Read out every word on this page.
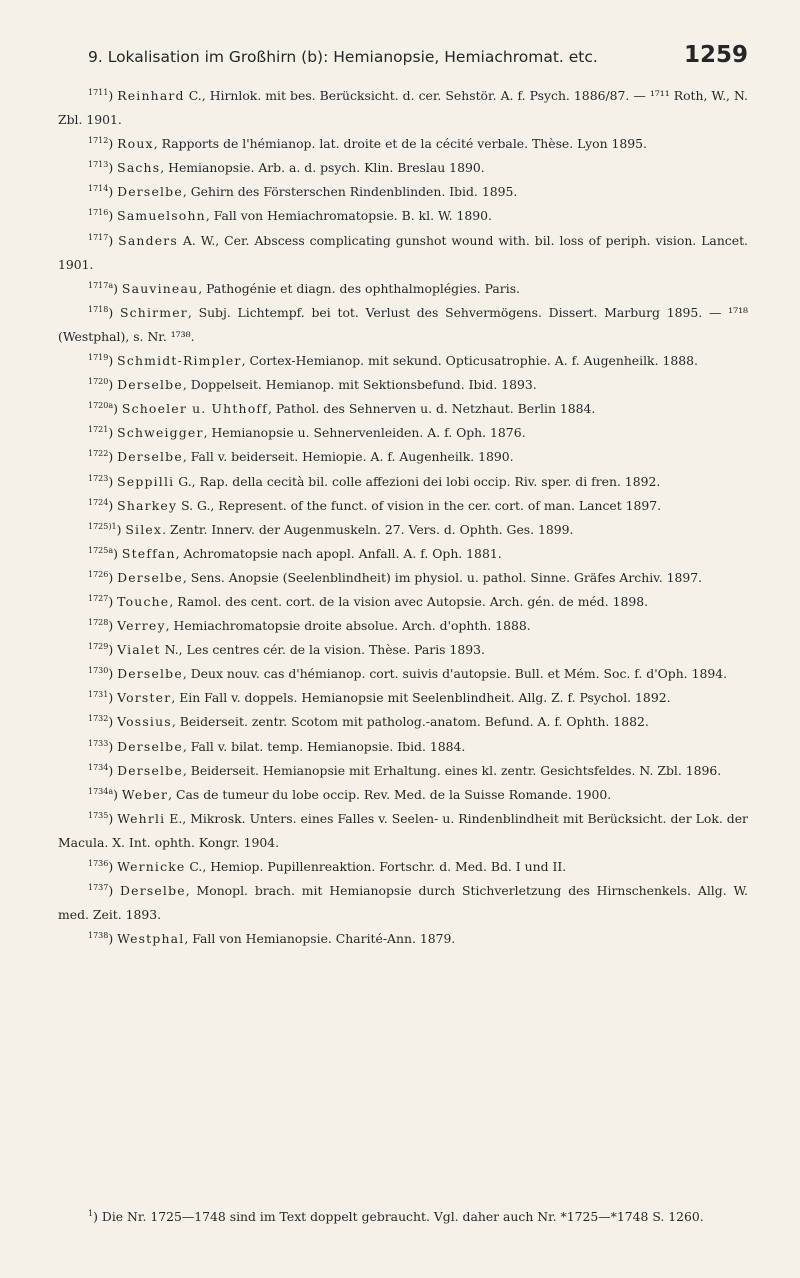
9. Lokalisation im Großhirn (b): Hemianopsie, Hemiachromat. etc.	1259

$^{1711}$) Reinhard C., Hirnlok. mit bes. Berücksicht. d. cer. Sehstör. A. f. Psych. 1886/87. — ¹⁷¹¹ Roth, W., N. Zbl. 1901.

$^{1712}$) Roux, Rapports de l'hémianop. lat. droite et de la cécité verbale. Thèse. Lyon 1895.

$^{1713}$) Sachs, Hemianopsie. Arb. a. d. psych. Klin. Breslau 1890.

$^{1714}$) Derselbe, Gehirn des Försterschen Rindenblinden. Ibid. 1895.

$^{1716}$) Samuelsohn, Fall von Hemiachromatopsie. B. kl. W. 1890.

$^{1717}$) Sanders A. W., Cer. Abscess complicating gunshot wound with. bil. loss of periph. vision. Lancet. 1901.

$^{1717a}$) Sauvineau, Pathogénie et diagn. des ophthalmoplégies. Paris.

$^{1718}$) Schirmer, Subj. Lichtempf. bei tot. Verlust des Sehvermögens. Dissert. Marburg 1895. — ¹⁷¹⁸ (Westphal), s. Nr. ¹⁷³⁸.

$^{1719}$) Schmidt-Rimpler, Cortex-Hemianop. mit sekund. Opticusatrophie. A. f. Augenheilk. 1888.

$^{1720}$) Derselbe, Doppelseit. Hemianop. mit Sektionsbefund. Ibid. 1893.

$^{1720a}$) Schoeler u. Uhthoff, Pathol. des Sehnerven u. d. Netzhaut. Berlin 1884.

$^{1721}$) Schweigger, Hemianopsie u. Sehnervenleiden. A. f. Oph. 1876.

$^{1722}$) Derselbe, Fall v. beiderseit. Hemiopie. A. f. Augenheilk. 1890.

$^{1723}$) Seppilli G., Rap. della cecità bil. colle affezioni dei lobi occip. Riv. sper. di fren. 1892.

$^{1724}$) Sharkey S. G., Represent. of the funct. of vision in the cer. cort. of man. Lancet 1897.

$^{1725)1}$) Silex. Zentr. Innerv. der Augenmuskeln. 27. Vers. d. Ophth. Ges. 1899.

$^{1725a}$) Steffan, Achromatopsie nach apopl. Anfall. A. f. Oph. 1881.

$^{1726}$) Derselbe, Sens. Anopsie (Seelenblindheit) im physiol. u. pathol. Sinne. Gräfes Archiv. 1897.

$^{1727}$) Touche, Ramol. des cent. cort. de la vision avec Autopsie. Arch. gén. de méd. 1898.

$^{1728}$) Verrey, Hemiachromatopsie droite absolue. Arch. d'ophth. 1888.

$^{1729}$) Vialet N., Les centres cér. de la vision. Thèse. Paris 1893.

$^{1730}$) Derselbe, Deux nouv. cas d'hémianop. cort. suivis d'autopsie. Bull. et Mém. Soc. f. d'Oph. 1894.

$^{1731}$) Vorster, Ein Fall v. doppels. Hemianopsie mit Seelenblindheit. Allg. Z. f. Psychol. 1892.

$^{1732}$) Vossius, Beiderseit. zentr. Scotom mit patholog.-anatom. Befund. A. f. Ophth. 1882.

$^{1733}$) Derselbe, Fall v. bilat. temp. Hemianopsie. Ibid. 1884.

$^{1734}$) Derselbe, Beiderseit. Hemianopsie mit Erhaltung. eines kl. zentr. Gesichtsfeldes. N. Zbl. 1896.

$^{1734a}$) Weber, Cas de tumeur du lobe occip. Rev. Med. de la Suisse Romande. 1900.

$^{1735}$) Wehrli E., Mikrosk. Unters. eines Falles v. Seelen- u. Rindenblindheit mit Berücksicht. der Lok. der Macula. X. Int. ophth. Kongr. 1904.

$^{1736}$) Wernicke C., Hemiop. Pupillenreaktion. Fortschr. d. Med. Bd. I und II.

$^{1737}$) Derselbe, Monopl. brach. mit Hemianopsie durch Stichverletzung des Hirnschenkels. Allg. W. med. Zeit. 1893.

$^{1738}$) Westphal, Fall von Hemianopsie. Charité-Ann. 1879.

$^1$) Die Nr. 1725—1748 sind im Text doppelt gebraucht. Vgl. daher auch Nr. *1725—*1748 S. 1260.
